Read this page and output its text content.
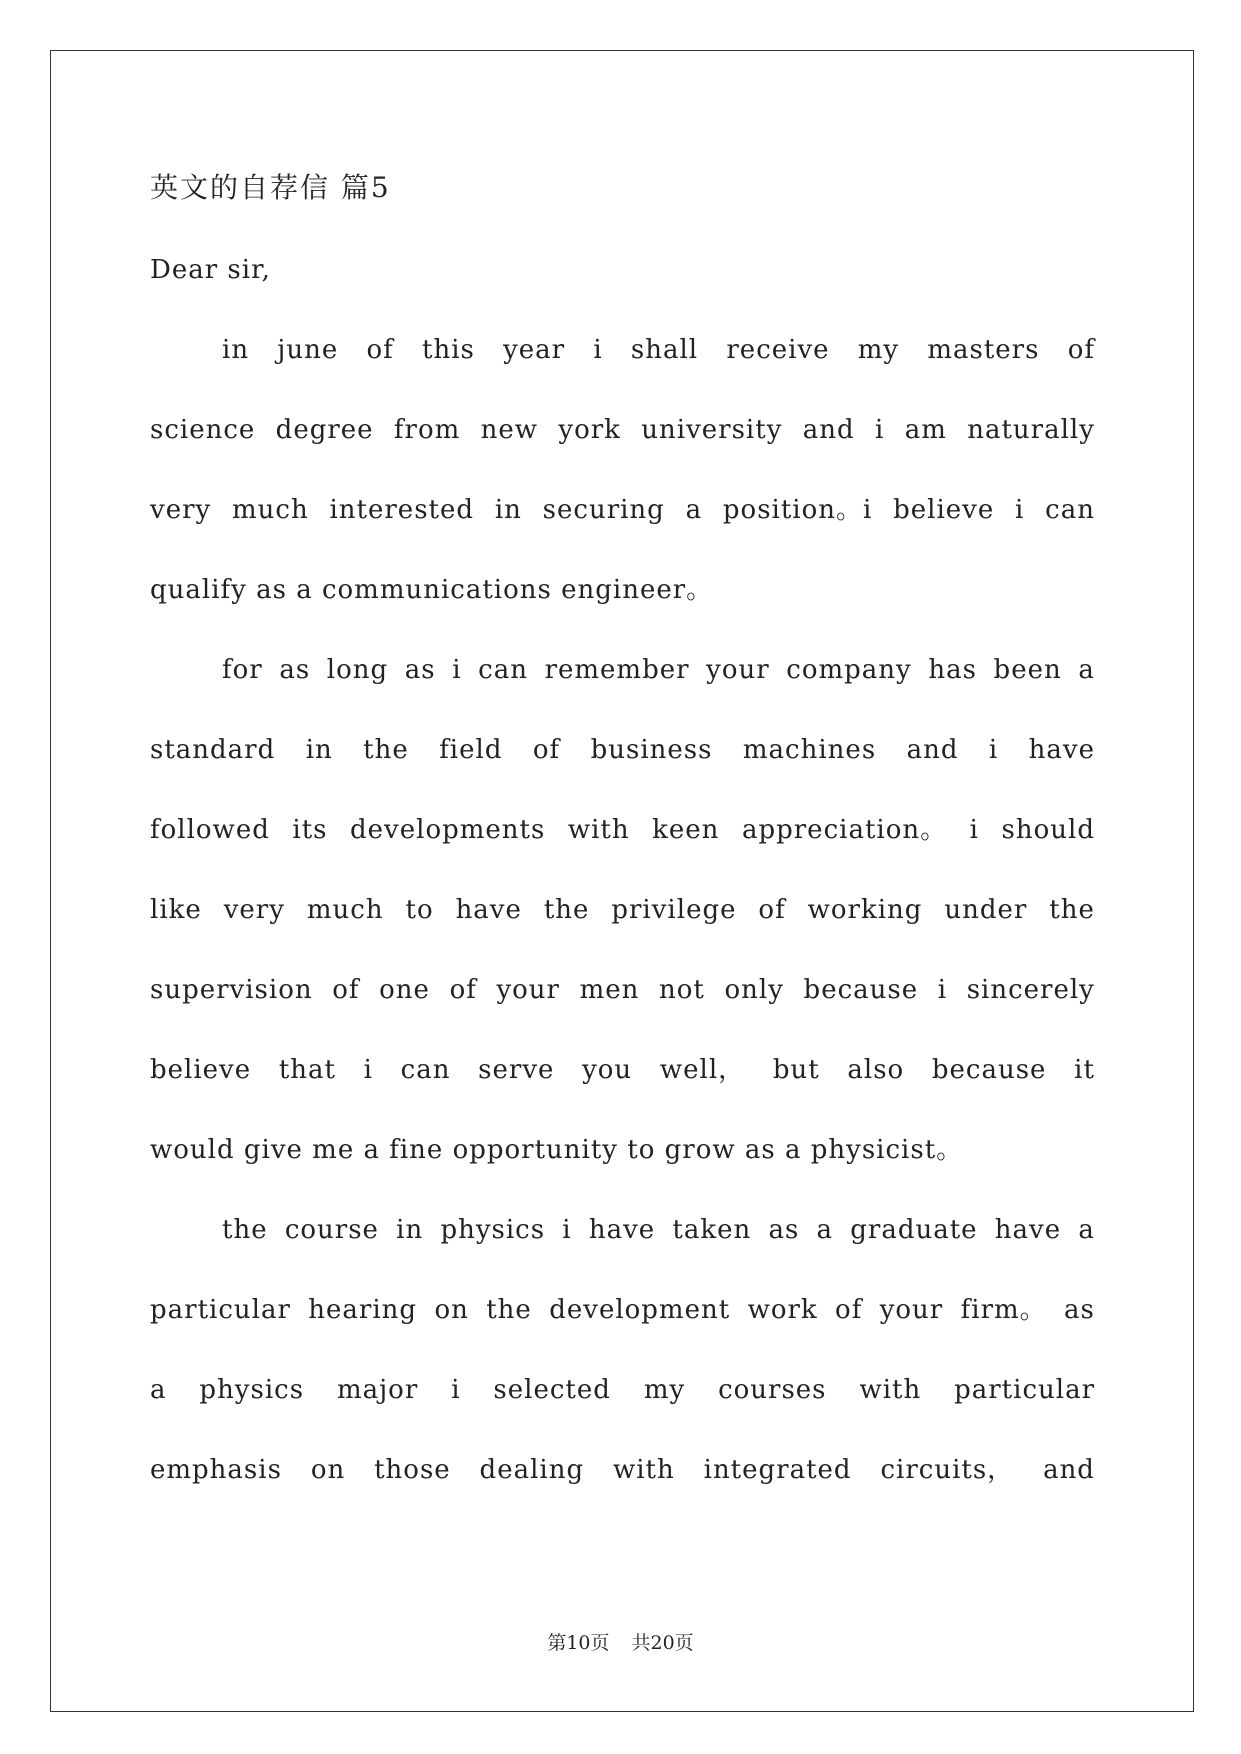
英文的自荐信 篇5
Dear sir,
in june of this year i shall receive my masters of
science degree from new york university and i am naturally
very much interested in securing a position。i believe i can
qualify as a communications engineer。
for as long as i can remember your company has been a
standard in the field of business machines and i have
followed its developments with keen appreciation。 i should
like very much to have the privilege of working under the
supervision of one of your men not only because i sincerely
believe that i can serve you well， but also because it
would give me a fine opportunity to grow as a physicist。
the course in physics i have taken as a graduate have a
particular hearing on the development work of your firm。 as
a physics major i selected my courses with particular
emphasis on those dealing with integrated circuits， and
第10页 共20页
